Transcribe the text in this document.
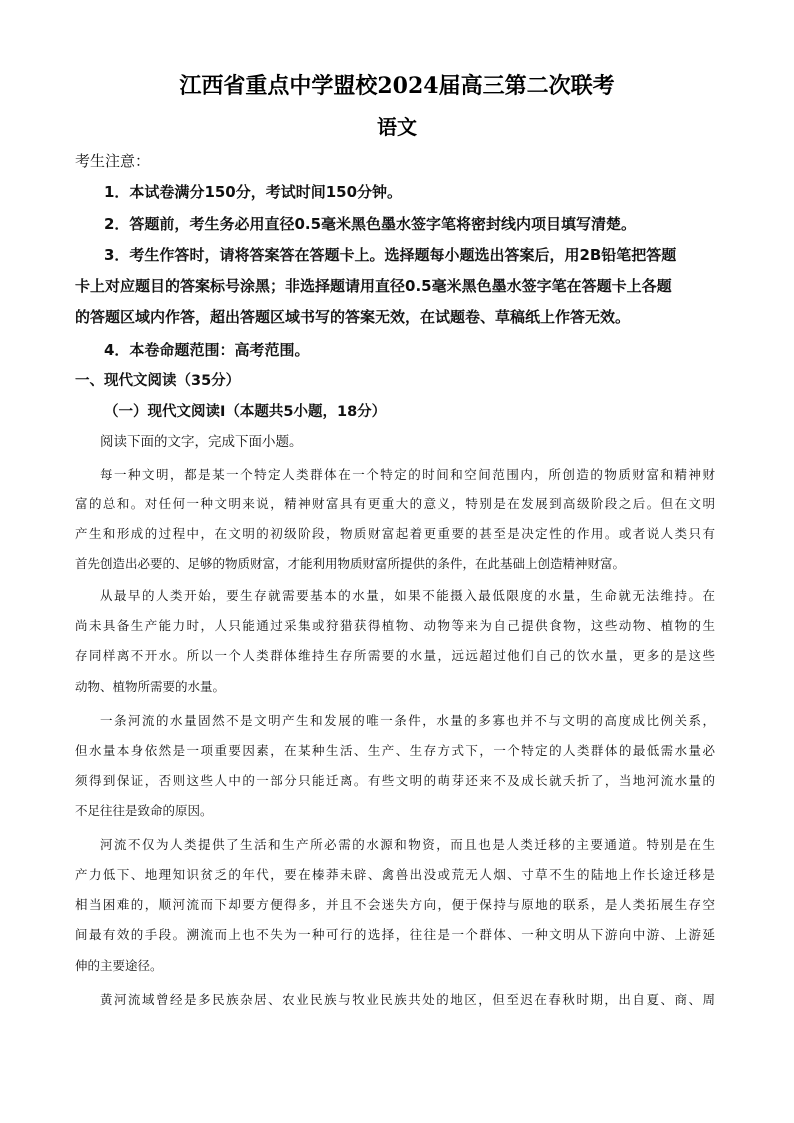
江西省重点中学盟校2024届高三第二次联考
语文
考生注意：
1．本试卷满分150分，考试时间150分钟。
2．答题前，考生务必用直径0.5毫米黑色墨水签字笔将密封线内项目填写清楚。
3．考生作答时，请将答案答在答题卡上。选择题每小题选出答案后，用2B铅笔把答题
卡上对应题目的答案标号涂黑；非选择题请用直径0.5毫米黑色墨水签字笔在答题卡上各题
的答题区域内作答，超出答题区域书写的答案无效，在试题卷、草稿纸上作答无效。
4．本卷命题范围：高考范围。
一、现代文阅读（35分）
（一）现代文阅读Ⅰ（本题共5小题，18分）
阅读下面的文字，完成下面小题。
每一种文明，都是某一个特定人类群体在一个特定的时间和空间范围内，所创造的物质财富和精神财
富的总和。对任何一种文明来说，精神财富具有更重大的意义，特别是在发展到高级阶段之后。但在文明
产生和形成的过程中，在文明的初级阶段，物质财富起着更重要的甚至是决定性的作用。或者说人类只有
首先创造出必要的、足够的物质财富，才能利用物质财富所提供的条件，在此基础上创造精神财富。
从最早的人类开始，要生存就需要基本的水量，如果不能摄入最低限度的水量，生命就无法维持。在
尚未具备生产能力时，人只能通过采集或狩猎获得植物、动物等来为自己提供食物，这些动物、植物的生
存同样离不开水。所以一个人类群体维持生存所需要的水量，远远超过他们自己的饮水量，更多的是这些
动物、植物所需要的水量。
一条河流的水量固然不是文明产生和发展的唯一条件，水量的多寡也并不与文明的高度成比例关系，
但水量本身依然是一项重要因素，在某种生活、生产、生存方式下，一个特定的人类群体的最低需水量必
须得到保证，否则这些人中的一部分只能迁离。有些文明的萌芽还来不及成长就夭折了，当地河流水量的
不足往往是致命的原因。
河流不仅为人类提供了生活和生产所必需的水源和物资，而且也是人类迁移的主要通道。特别是在生
产力低下、地理知识贫乏的年代，要在榛莽未辟、禽兽出没或荒无人烟、寸草不生的陆地上作长途迁移是
相当困难的，顺河流而下却要方便得多，并且不会迷失方向，便于保持与原地的联系，是人类拓展生存空
间最有效的手段。溯流而上也不失为一种可行的选择，往往是一个群体、一种文明从下游向中游、上游延
伸的主要途径。
黄河流域曾经是多民族杂居、农业民族与牧业民族共处的地区，但至迟在春秋时期，出自夏、商、周
